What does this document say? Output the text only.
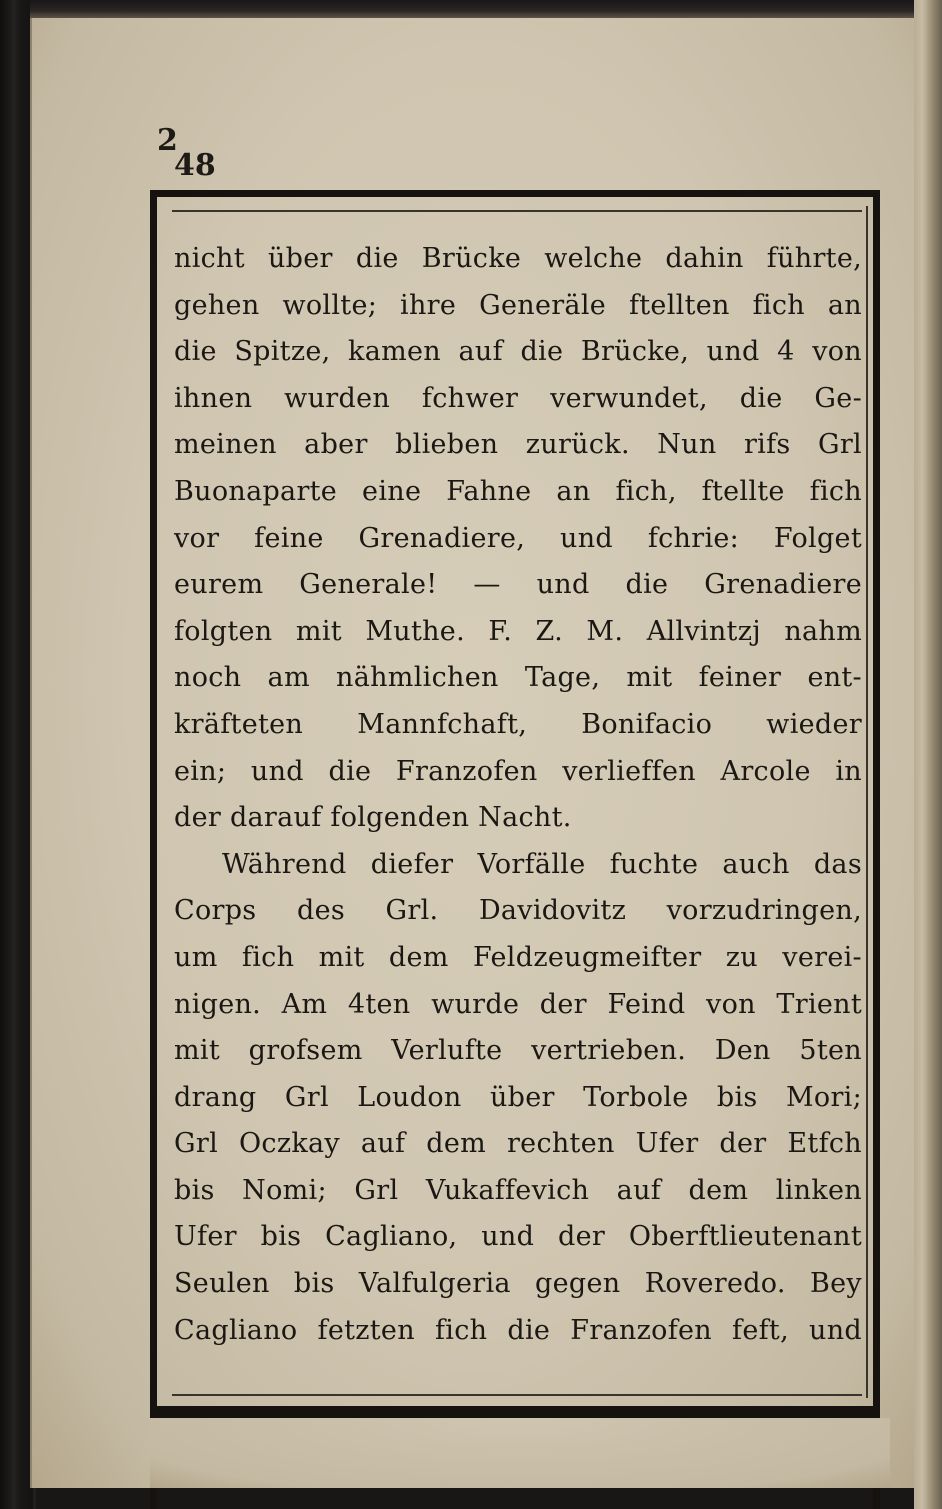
2
48
nicht über die Brücke welche dahin führte,
gehen wollte; ihre Generäle ftellten fich an
die Spitze, kamen auf die Brücke, und 4 von
ihnen wurden fchwer verwundet, die Ge-
meinen aber blieben zurück. Nun rifs Grl
Buonaparte eine Fahne an fich, ftellte fich
vor feine Grenadiere, und fchrie: Folget
eurem Generale! — und die Grenadiere
folgten mit Muthe. F. Z. M. Allvintzj nahm
noch am nähmlichen Tage, mit feiner ent-
kräfteten Mannfchaft, Bonifacio wieder
ein; und die Franzofen verlieffen Arcole in
der darauf folgenden Nacht.
Während diefer Vorfälle fuchte auch das
Corps des Grl. Davidovitz vorzudringen,
um fich mit dem Feldzeugmeifter zu verei-
nigen. Am 4ten wurde der Feind von Trient
mit grofsem Verlufte vertrieben. Den 5ten
drang Grl Loudon über Torbole bis Mori;
Grl Oczkay auf dem rechten Ufer der Etfch
bis Nomi; Grl Vukaffevich auf dem linken
Ufer bis Cagliano, und der Oberftlieutenant
Seulen bis Valfulgeria gegen Roveredo. Bey
Cagliano fetzten fich die Franzofen feft, und
